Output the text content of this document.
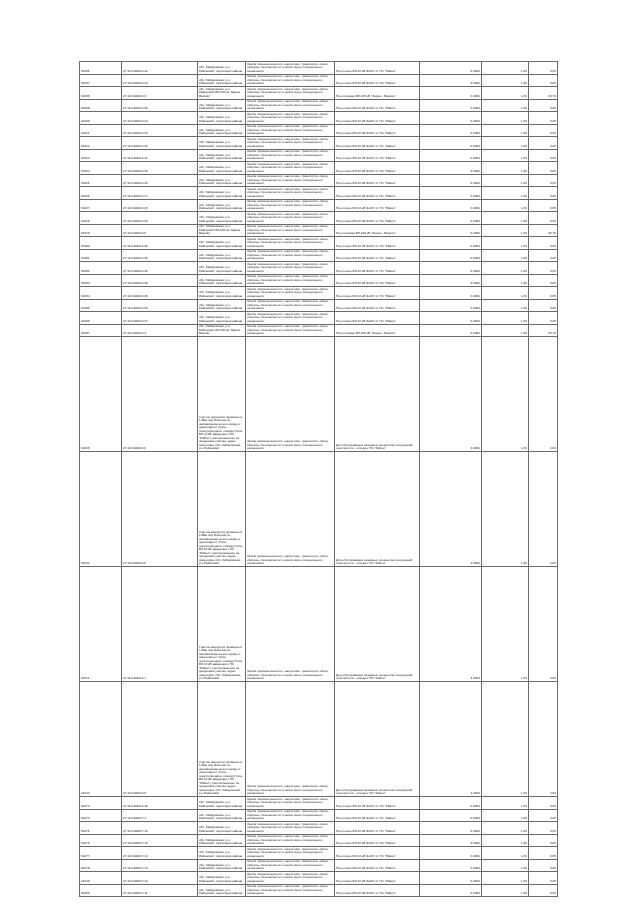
61095	27:11:0402014:42	обл. Хабаровская, р-н Районский, территория района	Земли промышленности, энергетики, транспорта, связи, обороны, безопасности и земли иного специального назначения	Под опоры ВЛ-10 кВ №107 от ПС "Район"	0,0004	1,30	0,05
61097	27:11:0402014:43	обл. Хабаровская, р-н Районский, территория района	Земли промышленности, энергетики, транспорта, связи, обороны, безопасности и земли иного специального назначения	Под опоры ВЛ-10 кВ №107 от ПС "Район"	0,0004	1,30	0,05
61088	27:11:0402014:3	обл. Хабаровская, р-н Районский, ВЛ-220 кв "Зарем - Вахрин"	Земли промышленности, энергетики, транспорта, связи, обороны, безопасности и земли иного специального назначения	Под опорами ВЛ-220 кВ "Зарем - Вахрин"	0,0064	1,30	26,70
61098	27:11:0402014:35	обл. Хабаровская, р-н Районский, территория района	Земли промышленности, энергетики, транспорта, связи, обороны, безопасности и земли иного специального назначения	Под опоры ВЛ-10 кВ №107 от ПС "Район"	0,0004	1,30	0,05
61099	27:11:0402014:34	обл. Хабаровская, р-н Районский, территория района	Земли промышленности, энергетики, транспорта, связи, обороны, безопасности и земли иного специального назначения	Под опоры ВЛ-10 кВ №107 от ПС "Район"	0,0004	1,30	0,05
61021	27:11:0402014:33	обл. Хабаровская, р-н Районский, территория района	Земли промышленности, энергетики, транспорта, связи, обороны, безопасности и земли иного специального назначения	Под опоры ВЛ-10 кВ №107 от ПС "Район"	0,0004	1,30	0,05
61022	27:11:0402014:32	обл. Хабаровская, р-н Районский, территория района	Земли промышленности, энергетики, транспорта, связи, обороны, безопасности и земли иного специального назначения	Под опоры ВЛ-10 кВ №107 от ПС "Район"	0,0004	1,30	0,05
61023	27:11:0402014:31	обл. Хабаровская, р-н Районский, территория района	Земли промышленности, энергетики, транспорта, связи, обороны, безопасности и земли иного специального назначения	Под опоры ВЛ-10 кВ №107 от ПС "Район"	0,0004	1,30	0,05
61024	27:11:0402014:30	обл. Хабаровская, р-н Районский, территория района	Земли промышленности, энергетики, транспорта, связи, обороны, безопасности и земли иного специального назначения	Под опоры ВЛ-10 кВ №107 от ПС "Район"	0,0004	1,30	0,05
61025	27:11:0402014:29	обл. Хабаровская, р-н Районский, территория района	Земли промышленности, энергетики, транспорта, связи, обороны, безопасности и земли иного специального назначения	Под опоры ВЛ-10 кВ №107 от ПС "Район"	0,0004	1,30	0,05
61026	27:11:0402014:27	обл. Хабаровская, р-н Районский, территория района	Земли промышленности, энергетики, транспорта, связи, обороны, безопасности и земли иного специального назначения	Под опоры ВЛ-10 кВ №107 от ПС "Район"	0,0004	1,30	0,05
61027	27:11:0402014:28	обл. Хабаровская, р-н Районский, территория района	Земли промышленности, энергетики, транспорта, связи, обороны, безопасности и земли иного специального назначения	Под опоры ВЛ-10 кВ №107 от ПС "Район"	0,0004	1,30	0,05
61028	27:11:0402014:26	обл. Хабаровская, р-н Районский, территория района	Земли промышленности, энергетики, транспорта, связи, обороны, безопасности и земли иного специального назначения	Под опоры ВЛ-10 кВ №107 от ПС "Район"	0,0004	1,30	0,05
61079	27:11:0402014:5	обл. Хабаровская, р-н Районский, ВЛ-220 кв "Зарем - Вахрин"	Земли промышленности, энергетики, транспорта, связи, обороны, безопасности и земли иного специального назначения	Под опорами ВЛ-220 кВ "Зарем - Вахрин"	0,0064	1,30	26,70
61080	27:11:0402014:46	обл. Хабаровская, р-н Районский, территория района	Земли промышленности, энергетики, транспорта, связи, обороны, безопасности и земли иного специального назначения	Под опоры ВЛ-10 кВ №107 от ПС "Район"	0,0004	1,30	0,05
61081	27:11:0402014:45	обл. Хабаровская, р-н Районский, территория района	Земли промышленности, энергетики, транспорта, связи, обороны, безопасности и земли иного специального назначения	Под опоры ВЛ-10 кВ №107 от ПС "Район"	0,0004	1,30	0,05
61082	27:11:0402014:39	обл. Хабаровская, р-н Районский, территория района	Земли промышленности, энергетики, транспорта, связи, обороны, безопасности и земли иного специального назначения	Под опоры ВЛ-10 кВ №107 от ПС "Район"	0,0004	1,30	0,05
61083	27:11:0402014:38	обл. Хабаровская, р-н Районский, территория района	Земли промышленности, энергетики, транспорта, связи, обороны, безопасности и земли иного специального назначения	Под опоры ВЛ-10 кВ №107 от ПС "Район"	0,0004	1,30	0,05
61084	27:11:0402014:36	обл. Хабаровская, р-н Районский, территория района	Земли промышленности, энергетики, транспорта, связи, обороны, безопасности и земли иного специального назначения	Под опоры ВЛ-10 кВ №107 от ПС "Район"	0,0004	1,30	0,05
61085	27:11:0402014:40	обл. Хабаровская, р-н Районский, территория района	Земли промышленности, энергетики, транспорта, связи, обороны, безопасности и земли иного специального назначения	Под опоры ВЛ-10 кВ №107 от ПС "Район"	0,0004	1,30	0,05
61086	27:11:0402014:37	обл. Хабаровская, р-н Районский, территория района	Земли промышленности, энергетики, транспорта, связи, обороны, безопасности и земли иного специального назначения	Под опоры ВЛ-10 кВ №107 от ПС "Район"	0,0004	1,30	0,05
61087	27:11:0402014:4	обл. Хабаровская, р-н Районский, ВЛ-220 кв "Зарем - Вахрин"	Земли промышленности, энергетики, транспорта, связи, обороны, безопасности и земли иного специального назначения	Под опорами ВЛ-220 кВ "Зарем - Вахрин"	0,0064	1,30	26,70
61008	27:11:0402014:6	Участок находится примерно в 1 Ввм под Ильичом по направлению на юго-запад от ориентира от (Узла электропредачи, отвода) (Узла ВЛ-10 кВ заведения к ПС "Район"), расположенного за пределами участка, адрес ориентира: обл. Хабаровская, р-н Районский	Земли промышленности, энергетики, транспорта, связи, обороны, безопасности и земли иного специального назначения	Для обслуживания наземных элементов сооружений электросети - отвода к ПС "Район"	4,0004	1,30	4,84
61042	27:11:0402014:8	Участок находится примерно в 1 Ввм под Ильичом по направлению на юго-запад от ориентира от (Узла электропредачи, отвода) (Узла ВЛ-10 кВ заведения к ПС "Район"), расположенного за пределами участка, адрес ориентира: обл. Хабаровская, р-н Районский	Земли промышленности, энергетики, транспорта, связи, обороны, безопасности и земли иного специального назначения	Для обслуживания наземных элементов сооружений электросети - отвода к ПС "Район"	4,0004	1,30	4,84
61011	27:11:0402014:7	Участок находится примерно в 1 Ввм под Ильичом по направлению на юго-запад от ориентира от (Узла электропредачи, отвода) (Узла ВЛ-10 кВ заведения к ПС "Район"), расположенного за пределами участка, адрес ориентира: обл. Хабаровская, р-н Районский	Земли промышленности, энергетики, транспорта, связи, обороны, безопасности и земли иного специального назначения	Для обслуживания наземных элементов сооружений электросети - отвода к ПС "Район"	4,0004	1,30	4,84
61043	27:11:0402014:9	Участок находится примерно в 1 Ввм под Ильичом по направлению на юго-запад от ориентира от (Узла электропредачи, отвода) (Узла ВЛ-10 кВ заведения к ПС "Район"), расположенного за пределами участка, адрес ориентира: обл. Хабаровская, р-н Районский	Земли промышленности, энергетики, транспорта, связи, обороны, безопасности и земли иного специального назначения	Для обслуживания наземных элементов сооружений электросети - отвода к ПС "Район"	4,0004	1,30	4,84
61073	27:11:0402014:18	обл. Хабаровская, р-н Районский, территория района	Земли промышленности, энергетики, транспорта, связи, обороны, безопасности и земли иного специального назначения	Под опоры ВЛ-10 кВ №107 от ПС "Район"	0,0004	1,30	0,05
61074	27:11:0402017:1	обл. Хабаровская, р-н Районский, территория района	Земли промышленности, энергетики, транспорта, связи, обороны, безопасности и земли иного специального назначения	Под опоры ВЛ-10 кВ №107 от ПС "Район"	0,0004	1,30	0,05
61075	27:11:0402017:16	обл. Хабаровская, р-н Районский, территория района	Земли промышленности, энергетики, транспорта, связи, обороны, безопасности и земли иного специального назначения	Под опоры ВЛ-10 кВ №107 от ПС "Район"	0,0004	1,30	0,05
61076	27:11:0402017:15	обл. Хабаровская, р-н Районский, территория района	Земли промышленности, энергетики, транспорта, связи, обороны, безопасности и земли иного специального назначения	Под опоры ВЛ-10 кВ №107 от ПС "Район"	0,0004	1,30	0,05
61077	27:11:0402017:14	обл. Хабаровская, р-н Районский, территория района	Земли промышленности, энергетики, транспорта, связи, обороны, безопасности и земли иного специального назначения	Под опоры ВЛ-10 кВ №107 от ПС "Район"	0,0004	1,30	0,05
61078	27:11:0402017:13	обл. Хабаровская, р-н Районский, территория района	Земли промышленности, энергетики, транспорта, связи, обороны, безопасности и земли иного специального назначения	Под опоры ВЛ-10 кВ №107 от ПС "Район"	0,0004	1,30	0,05
61049	27:11:0402017:12	обл. Хабаровская, р-н Районский, территория района	Земли промышленности, энергетики, транспорта, связи, обороны, безопасности и земли иного специального назначения	Под опоры ВЛ-10 кВ №107 от ПС "Район"	0,0004	1,30	0,05
61050	27:11:0402017:11	обл. Хабаровская, р-н Районский, территория района	Земли промышленности, энергетики, транспорта, связи, обороны, безопасности и земли иного специального назначения	Под опоры ВЛ-10 кВ №107 от ПС "Район"	0,0004	1,30	0,05
